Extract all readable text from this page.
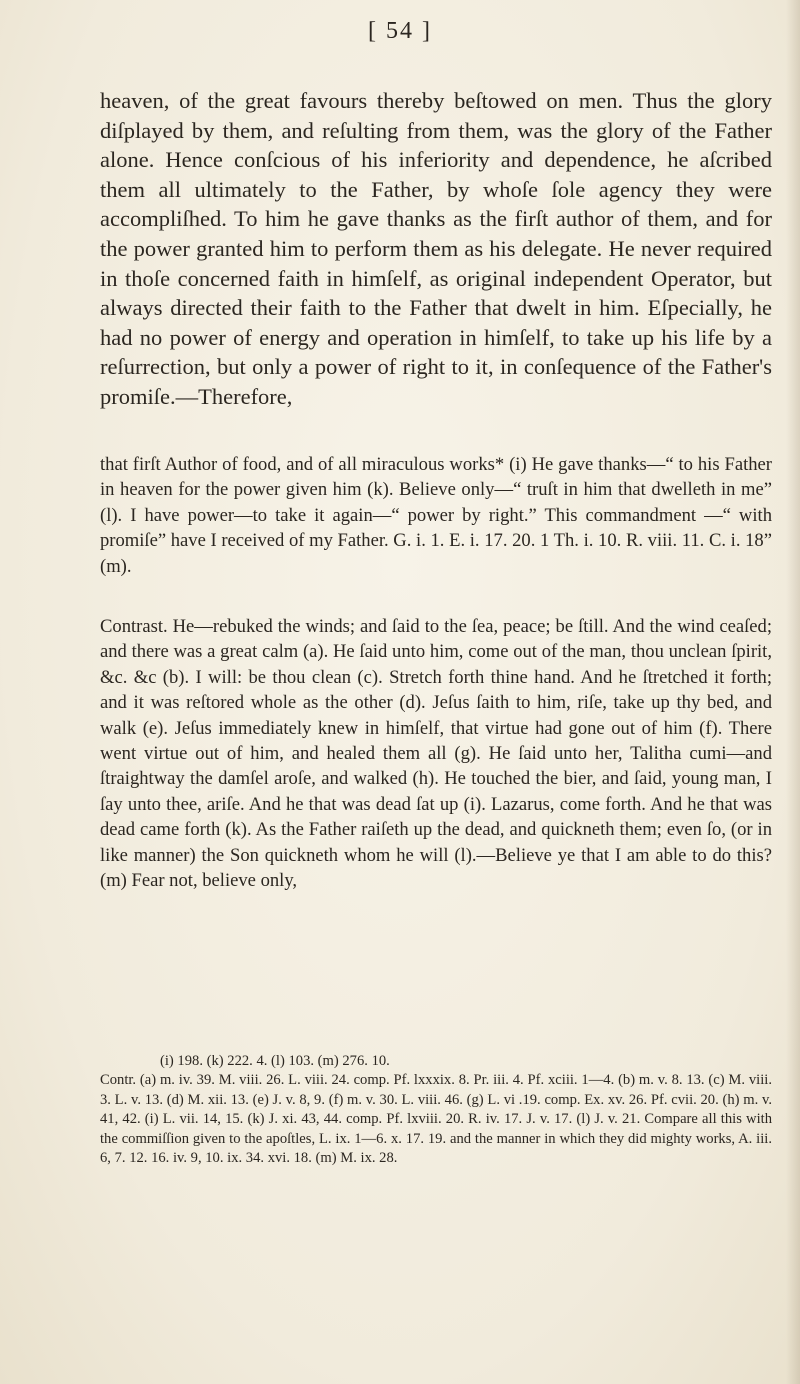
[ 54 ]

heaven, of the great favours thereby beſtowed on men. Thus the glory diſplayed by them, and reſulting from them, was the glory of the Father alone. Hence conſcious of his inferiority and dependence, he aſcribed them all ultimately to the Father, by whoſe ſole agency they were accompliſhed. To him he gave thanks as the firſt author of them, and for the power granted him to perform them as his delegate. He never required in thoſe concerned faith in himſelf, as original independent Operator, but always directed their faith to the Father that dwelt in him. Eſpecially, he had no power of energy and operation in himſelf, to take up his life by a reſurrection, but only a power of right to it, in conſequence of the Father's promiſe.—Therefore,

that firſt Author of food, and of all miraculous works* (i) He gave thanks—“ to his Father in heaven for the power given him (k). Believe only—“ truſt in him that dwelleth in me” (l). I have power—to take it again—“ power by right.” This commandment —“ with promiſe” have I received of my Father. G. i. 1. E. i. 17. 20. 1 Th. i. 10. R. viii. 11. C. i. 18” (m).

Contrast. He—rebuked the winds; and ſaid to the ſea, peace; be ſtill. And the wind ceaſed; and there was a great calm (a). He ſaid unto him, come out of the man, thou unclean ſpirit, &c. &c (b). I will: be thou clean (c). Stretch forth thine hand. And he ſtretched it forth; and it was reſtored whole as the other (d). Jeſus ſaith to him, riſe, take up thy bed, and walk (e). Jeſus immediately knew in himſelf, that virtue had gone out of him (f). There went virtue out of him, and healed them all (g). He ſaid unto her, Talitha cumi—and ſtraightway the damſel aroſe, and walked (h). He touched the bier, and ſaid, young man, I ſay unto thee, ariſe. And he that was dead ſat up (i). Lazarus, come forth. And he that was dead came forth (k). As the Father raiſeth up the dead, and quickneth them; even ſo, (or in like manner) the Son quickneth whom he will (l).—Believe ye that I am able to do this? (m) Fear not, believe only,

(i) 198. (k) 222. 4. (l) 103. (m) 276. 10.

Contr. (a) m. iv. 39. M. viii. 26. L. viii. 24. comp. Pf. lxxxix. 8. Pr. iii. 4. Pf. xciii. 1—4. (b) m. v. 8. 13. (c) M. viii. 3. L. v. 13. (d) M. xii. 13. (e) J. v. 8, 9. (f) m. v. 30. L. viii. 46. (g) L. vi .19. comp. Ex. xv. 26. Pf. cvii. 20. (h) m. v. 41, 42. (i) L. vii. 14, 15. (k) J. xi. 43, 44. comp. Pf. lxviii. 20. R. iv. 17. J. v. 17. (l) J. v. 21. Compare all this with the commiſſion given to the apoſtles, L. ix. 1—6. x. 17. 19. and the manner in which they did mighty works, A. iii. 6, 7. 12. 16. iv. 9, 10. ix. 34. xvi. 18. (m) M. ix. 28.
